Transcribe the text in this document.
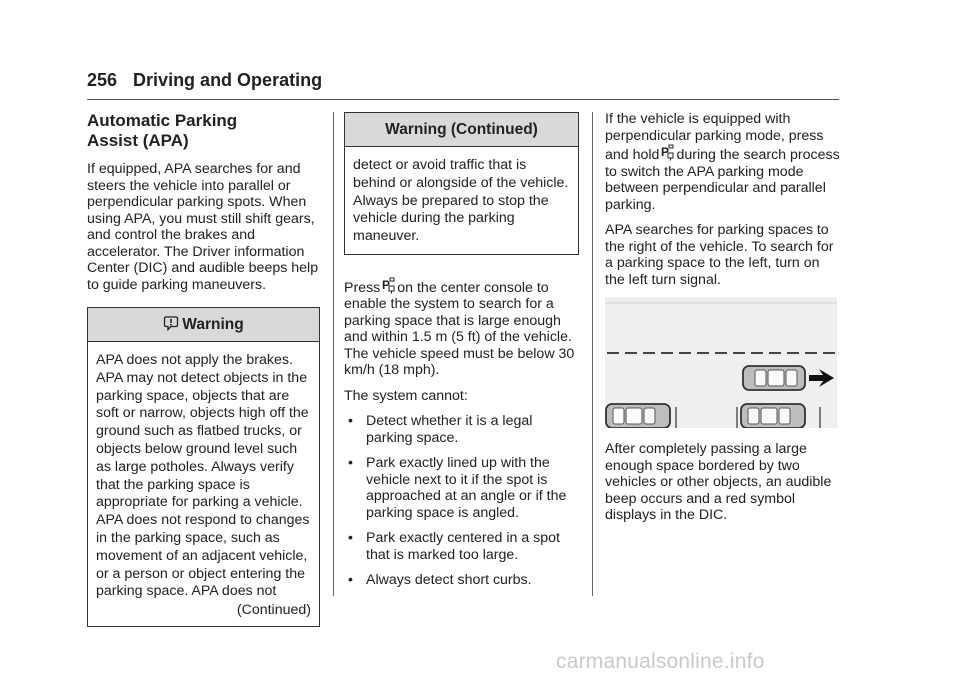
256 Driving and Operating
Automatic Parking
Assist (APA)

If equipped, APA searches for and steers the vehicle into parallel or perpendicular parking spots. When using APA, you must still shift gears, and control the brakes and accelerator. The Driver information Center (DIC) and audible beeps help to guide parking maneuvers.

Warning
APA does not apply the brakes. APA may not detect objects in the parking space, objects that are soft or narrow, objects high off the ground such as flatbed trucks, or objects below ground level such as large potholes. Always verify that the parking space is appropriate for parking a vehicle. APA does not respond to changes in the parking space, such as movement of an adjacent vehicle, or a person or object entering the parking space. APA does not
(Continued)
Warning (Continued)
detect or avoid traffic that is behind or alongside of the vehicle. Always be prepared to stop the vehicle during the parking maneuver.

Press P on the center console to enable the system to search for a parking space that is large enough and within 1.5 m (5 ft) of the vehicle. The vehicle speed must be below 30 km/h (18 mph).

The system cannot:

• Detect whether it is a legal parking space.
• Park exactly lined up with the vehicle next to it if the spot is approached at an angle or if the parking space is angled.
• Park exactly centered in a spot that is marked too large.
• Always detect short curbs.

If the vehicle is equipped with perpendicular parking mode, press and hold P during the search process to switch the APA parking mode between perpendicular and parallel parking.

APA searches for parking spaces to the right of the vehicle. To search for a parking space to the left, turn on the left turn signal.

After completely passing a large enough space bordered by two vehicles or other objects, an audible beep occurs and a red symbol displays in the DIC.

carmanualsonline.info
